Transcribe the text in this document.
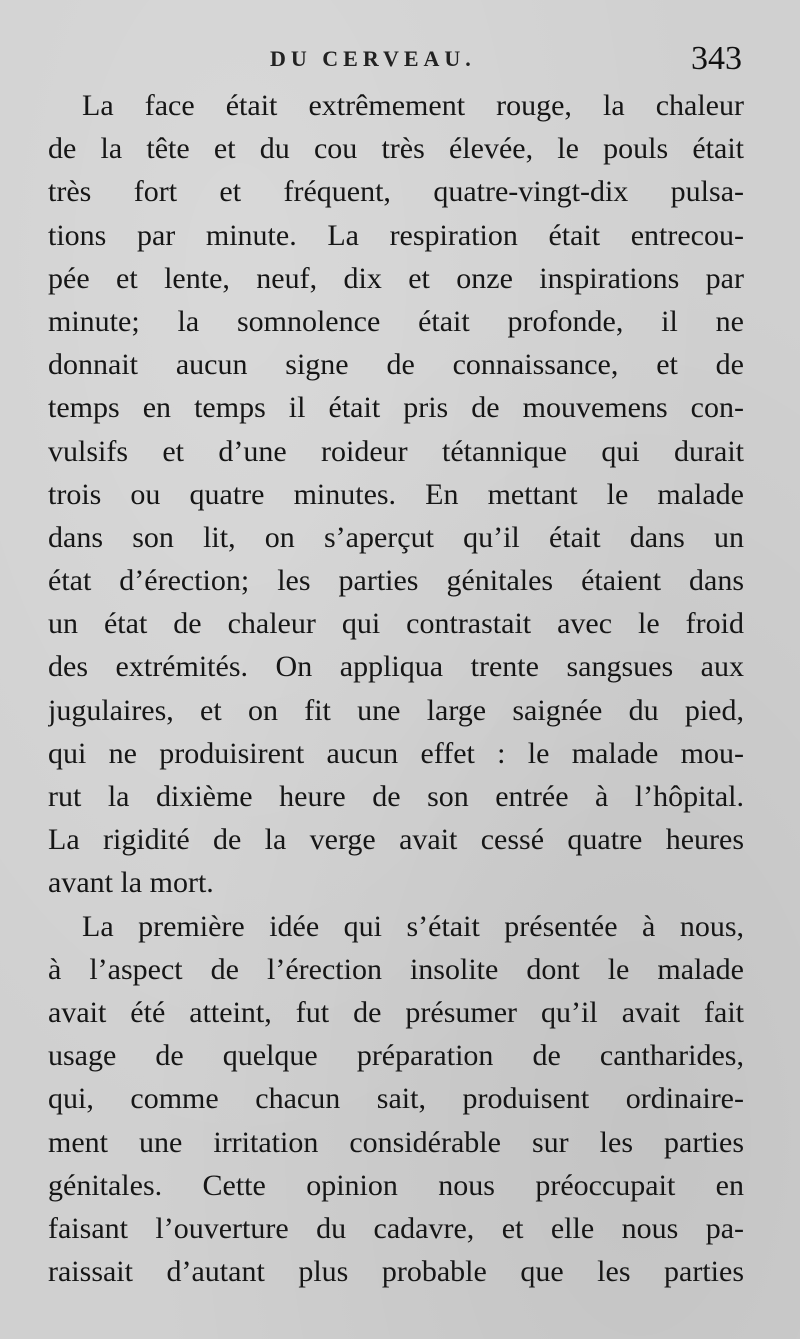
DU CERVEAU.	343
La face était extrêmement rouge, la chaleur
de la tête et du cou très élevée, le pouls était
très fort et fréquent, quatre-vingt-dix pulsa-
tions par minute. La respiration était entrecou-
pée et lente, neuf, dix et onze inspirations par
minute; la somnolence était profonde, il ne
donnait aucun signe de connaissance, et de
temps en temps il était pris de mouvemens con-
vulsifs et d’une roideur tétannique qui durait
trois ou quatre minutes. En mettant le malade
dans son lit, on s’aperçut qu’il était dans un
état d’érection; les parties génitales étaient dans
un état de chaleur qui contrastait avec le froid
des extrémités. On appliqua trente sangsues aux
jugulaires, et on fit une large saignée du pied,
qui ne produisirent aucun effet : le malade mou-
rut la dixième heure de son entrée à l’hôpital.
La rigidité de la verge avait cessé quatre heures
avant la mort.
La première idée qui s’était présentée à nous,
à l’aspect de l’érection insolite dont le malade
avait été atteint, fut de présumer qu’il avait fait
usage de quelque préparation de cantharides,
qui, comme chacun sait, produisent ordinaire-
ment une irritation considérable sur les parties
génitales. Cette opinion nous préoccupait en
faisant l’ouverture du cadavre, et elle nous pa-
raissait d’autant plus probable que les parties
